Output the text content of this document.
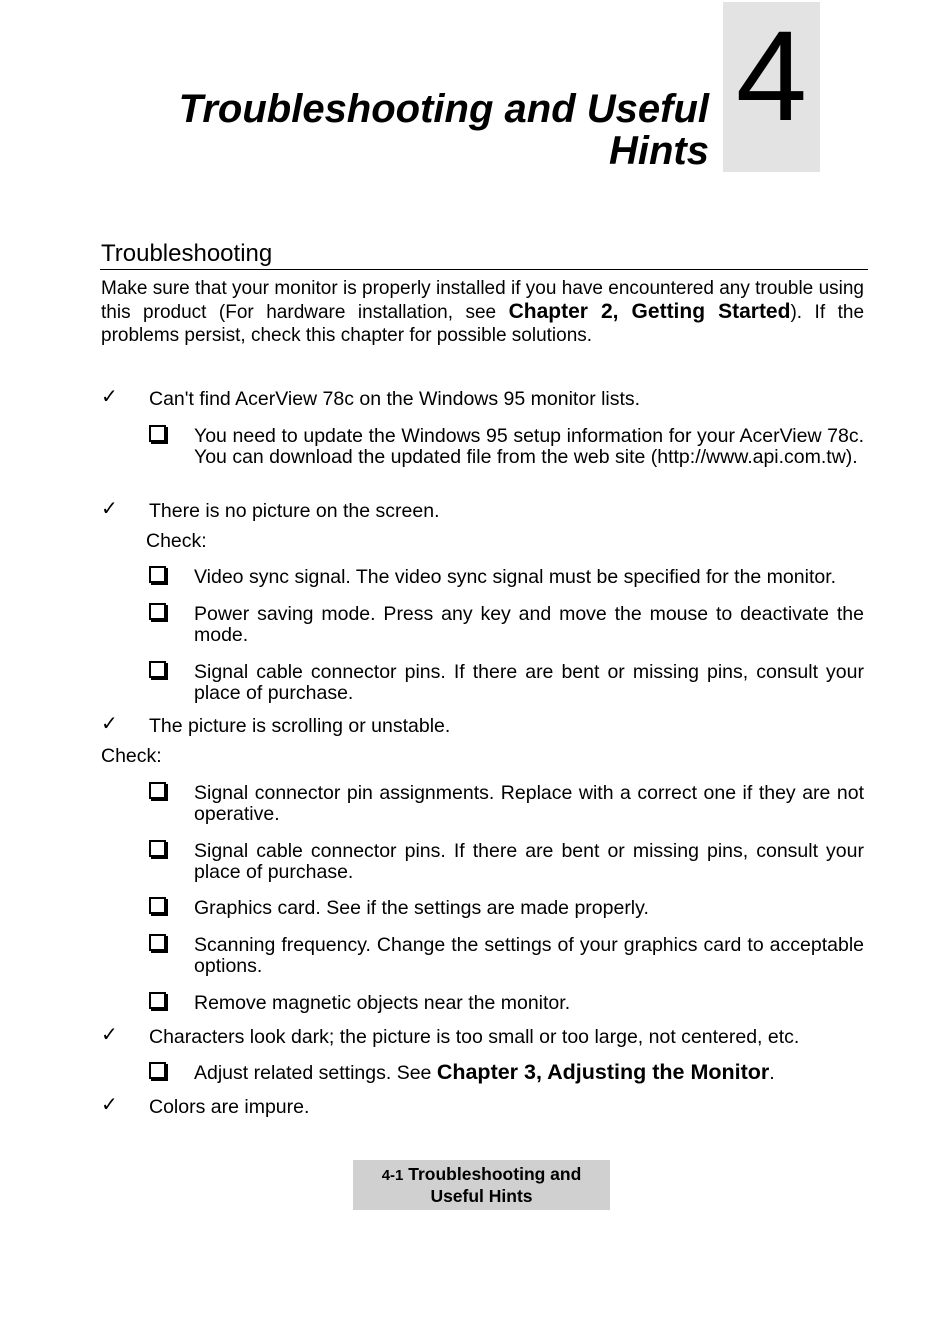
4
Troubleshooting and Useful
Hints
Troubleshooting

Make sure that your monitor is properly installed if you have encountered any trouble using this product (For hardware installation, see Chapter 2, Getting Started). If the problems persist, check this chapter for possible solutions.

✓ Can't find AcerView 78c on the Windows 95 monitor lists.

You need to update the Windows 95 setup information for your AcerView 78c. You can download the updated file from the web site (http://www.api.com.tw).

✓ There is no picture on the screen.
Check:

Video sync signal. The video sync signal must be specified for the monitor.

Power saving mode. Press any key and move the mouse to deactivate the mode.

Signal cable connector pins. If there are bent or missing pins, consult your place of purchase.

✓ The picture is scrolling or unstable.
Check:

Signal connector pin assignments. Replace with a correct one if they are not operative.

Signal cable connector pins. If there are bent or missing pins, consult your place of purchase.

Graphics card. See if the settings are made properly.

Scanning frequency. Change the settings of your graphics card to acceptable options.

Remove magnetic objects near the monitor.

✓ Characters look dark; the picture is too small or too large, not centered, etc.

Adjust related settings. See Chapter 3, Adjusting the Monitor.

✓ Colors are impure.
4-1 Troubleshooting and
Useful Hints
